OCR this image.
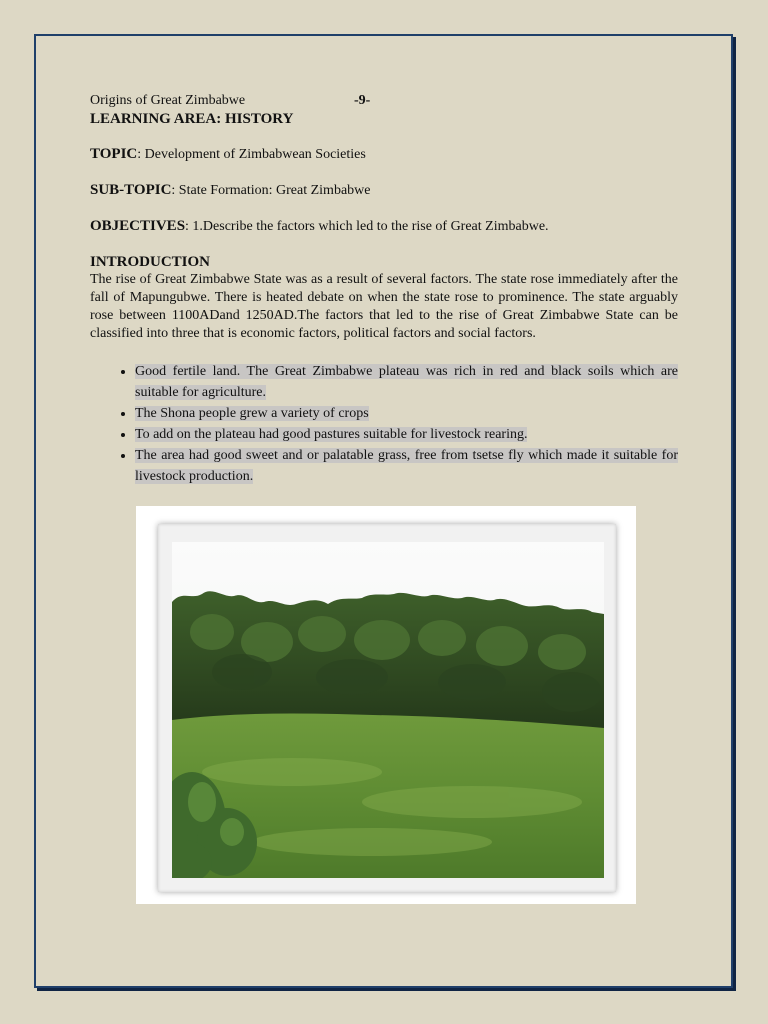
Origins of Great Zimbabwe	-9-
LEARNING AREA: HISTORY
TOPIC: Development of Zimbabwean Societies
SUB-TOPIC: State Formation: Great Zimbabwe
OBJECTIVES: 1.Describe the factors which led to the rise of Great Zimbabwe.
INTRODUCTION

The rise of Great Zimbabwe State was as a result of several factors. The state rose immediately after the fall of Mapungubwe. There is heated debate on when the state rose to prominence. The state arguably rose between 1100ADand 1250AD.The factors that led to the rise of Great Zimbabwe State can be classified into three that is economic factors, political factors and social factors.

• Good fertile land. The Great Zimbabwe plateau was rich in red and black soils which are suitable for agriculture.
• The Shona people grew a variety of crops
• To add on the plateau had good pastures suitable for livestock rearing.
• The area had good sweet and or palatable grass, free from tsetse fly which made it suitable for livestock production.
